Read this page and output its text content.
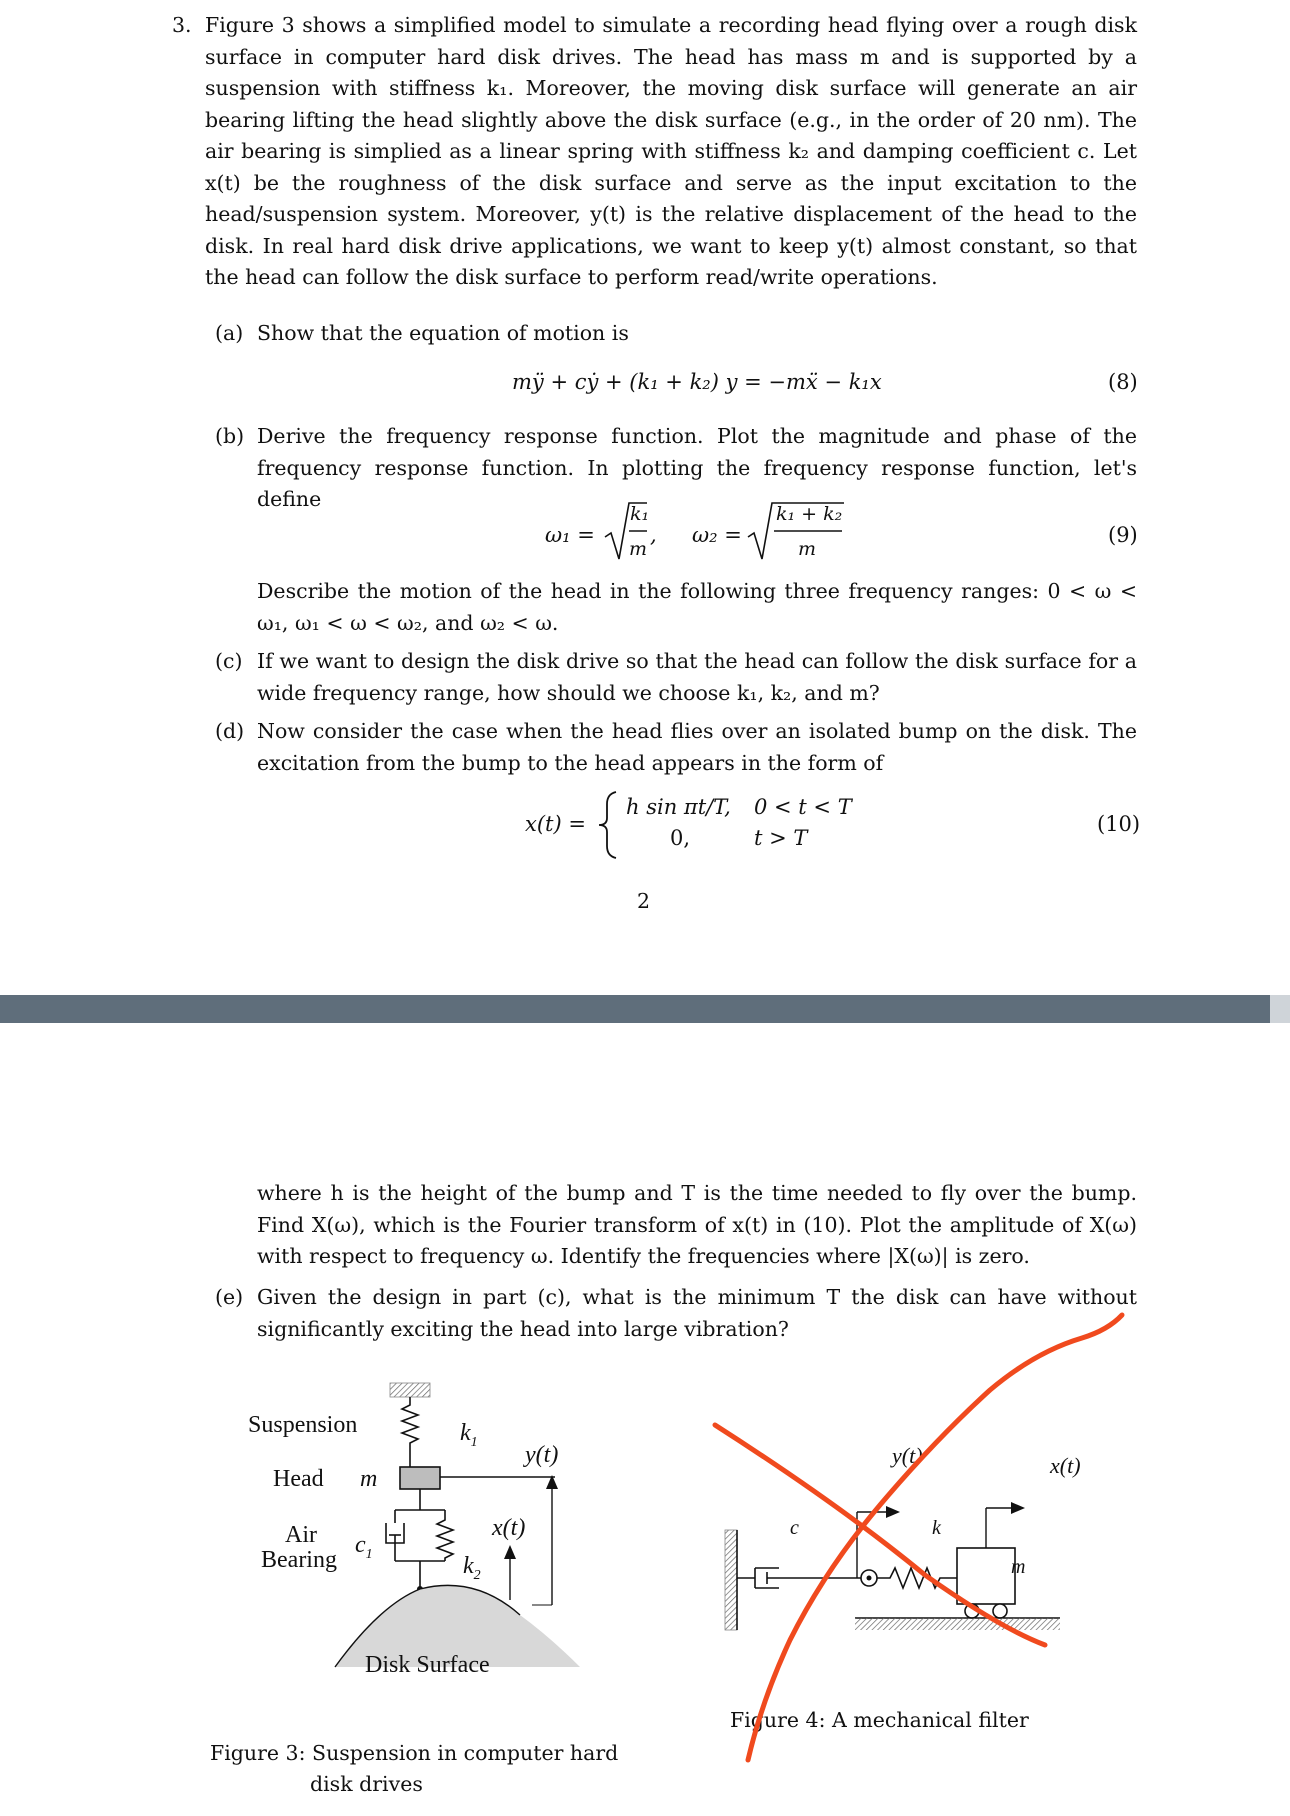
3. Figure 3 shows a simplified model to simulate a recording head flying over a rough disk surface in computer hard disk drives. The head has mass m and is supported by a suspension with stiffness k₁. Moreover, the moving disk surface will generate an air bearing lifting the head slightly above the disk surface (e.g., in the order of 20 nm). The air bearing is simplied as a linear spring with stiffness k₂ and damping coefficient c. Let x(t) be the roughness of the disk surface and serve as the input excitation to the head/suspension system. Moreover, y(t) is the relative displacement of the head to the disk. In real hard disk drive applications, we want to keep y(t) almost constant, so that the head can follow the disk surface to perform read/write operations.
(a) Show that the equation of motion is
mÿ + cẏ + (k₁ + k₂) y = −mẍ − k₁x	(8)
(b) Derive the frequency response function. Plot the magnitude and phase of the frequency response function. In plotting the frequency response function, let's define
ω₁ =
k₁
m
, ω₂ =
k₁ + k₂
m
(9)
Describe the motion of the head in the following three frequency ranges: 0 < ω < ω₁, ω₁ < ω < ω₂, and ω₂ < ω.
(c) If we want to design the disk drive so that the head can follow the disk surface for a wide frequency range, how should we choose k₁, k₂, and m?
(d) Now consider the case when the head flies over an isolated bump on the disk. The excitation from the bump to the head appears in the form of
x(t) =
h sin πt/T, 0 < t < T
0,	t > T
(10)
2
where h is the height of the bump and T is the time needed to fly over the bump. Find X(ω), which is the Fourier transform of x(t) in (10). Plot the amplitude of X(ω) with respect to frequency ω. Identify the frequencies where |X(ω)| is zero.
(e) Given the design in part (c), what is the minimum T the disk can have without significantly exciting the head into large vibration?
Suspension	$k_1$
Head m
y(t)
Air
Bearing
$c_1$
x(t)
$k_2$
Disk Surface
Figure 3: Suspension in computer hard
disk drives
y(t)	x(t)
c	k
m
Figure 4: A mechanical filter
